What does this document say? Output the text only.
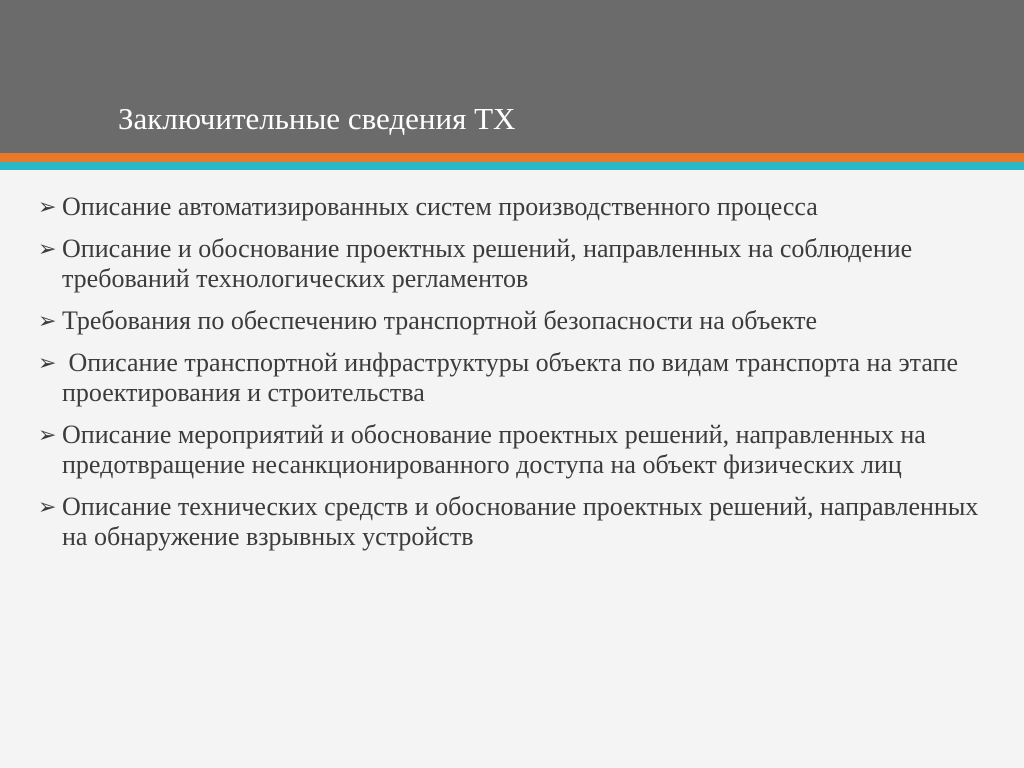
Заключительные сведения ТХ
➢ Описание автоматизированных систем производственного процесса
➢ Описание и обоснование проектных решений, направленных на соблюдение требований технологических регламентов
➢ Требования по обеспечению транспортной безопасности на объекте
➢ Описание транспортной инфраструктуры объекта по видам транспорта на этапе проектирования и строительства
➢ Описание мероприятий и обоснование проектных решений, направленных на предотвращение несанкционированного доступа на объект физических лиц
➢ Описание технических средств и обоснование проектных решений, направленных на обнаружение взрывных устройств
